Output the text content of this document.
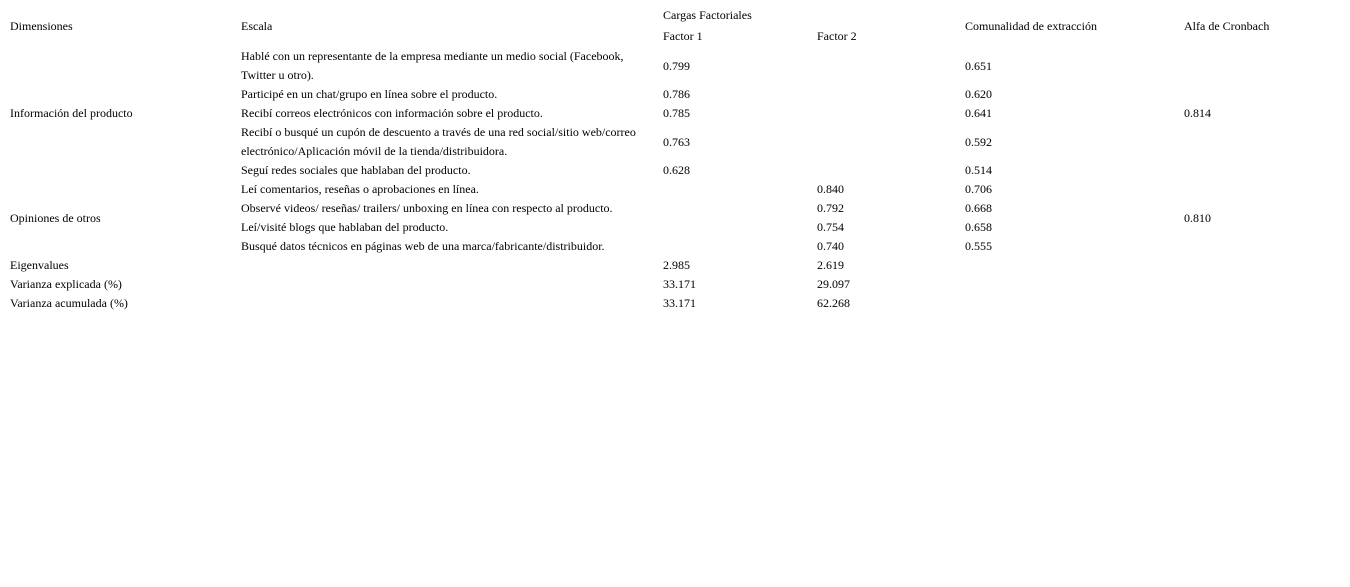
Dimensiones	Escala	Cargas Factoriales		Comunalidad de extracción	Alfa de Cronbach
		Factor 1	Factor 2		
Información del producto	Hablé con un representante de la empresa mediante un medio social (Facebook, Twitter u otro).	0.799		0.651	0.814
	Participé en un chat/grupo en línea sobre el producto.	0.786		0.620	
	Recibí correos electrónicos con información sobre el producto.	0.785		0.641	
	Recibí o busqué un cupón de descuento a través de una red social/sitio web/correo electrónico/Aplicación móvil de la tienda/distribuidora.	0.763		0.592	
	Seguí redes sociales que hablaban del producto.	0.628		0.514	
Opiniones de otros	Leí comentarios, reseñas o aprobaciones en línea.		0.840	0.706	0.810
	Observé videos/ reseñas/ trailers/ unboxing en línea con respecto al producto.		0.792	0.668	
	Leí/visité blogs que hablaban del producto.		0.754	0.658	
	Busqué datos técnicos en páginas web de una marca/fabricante/distribuidor.		0.740	0.555	
Eigenvalues		2.985	2.619		
Varianza explicada (%)		33.171	29.097		
Varianza acumulada (%)		33.171	62.268		
